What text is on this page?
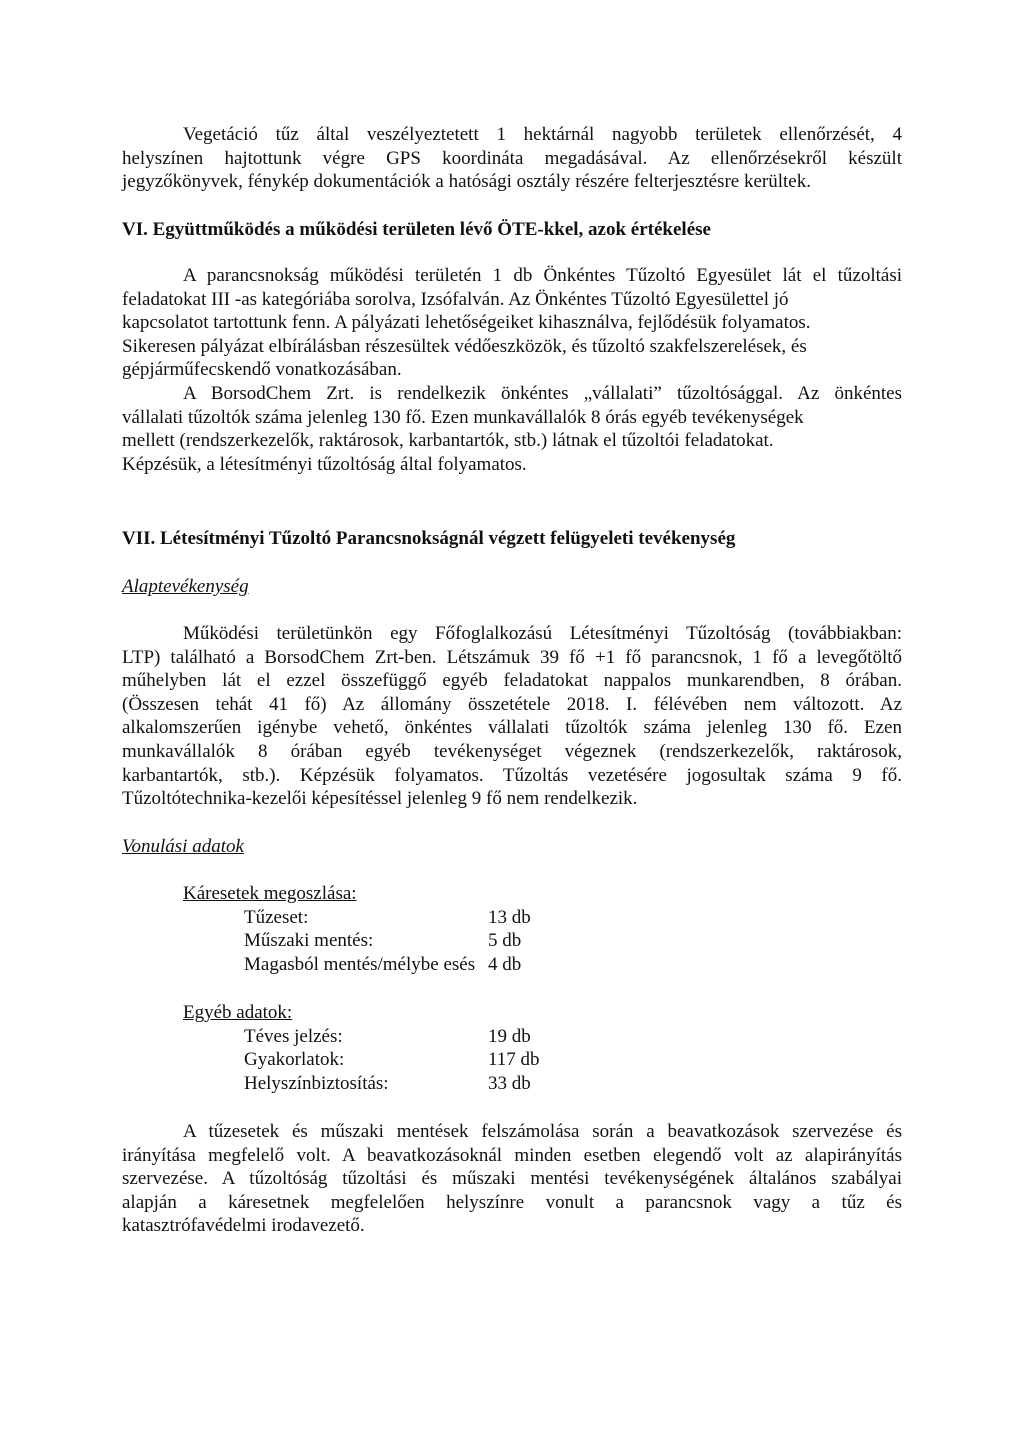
Vegetáció tűz által veszélyeztetett 1 hektárnál nagyobb területek ellenőrzését, 4
helyszínen hajtottunk végre GPS koordináta megadásával. Az ellenőrzésekről készült
jegyzőkönyvek, fénykép dokumentációk a hatósági osztály részére felterjesztésre kerültek.

VI. Együttműködés a működési területen lévő ÖTE-kkel, azok értékelése

A parancsnokság működési területén 1 db Önkéntes Tűzoltó Egyesület lát el tűzoltási
feladatokat III -as kategóriába sorolva, Izsófalván. Az Önkéntes Tűzoltó Egyesülettel jó
kapcsolatot tartottunk fenn. A pályázati lehetőségeiket kihasználva, fejlődésük folyamatos.
Sikeresen pályázat elbírálásban részesültek védőeszközök, és tűzoltó szakfelszerelések, és
gépjárműfecskendő vonatkozásában.

A BorsodChem Zrt. is rendelkezik önkéntes „vállalati” tűzoltósággal. Az önkéntes
vállalati tűzoltók száma jelenleg 130 fő. Ezen munkavállalók 8 órás egyéb tevékenységek
mellett (rendszerkezelők, raktárosok, karbantartók, stb.) látnak el tűzoltói feladatokat.
Képzésük, a létesítményi tűzoltóság által folyamatos.

VII. Létesítményi Tűzoltó Parancsnokságnál végzett felügyeleti tevékenység

Alaptevékenység

Működési területünkön egy Főfoglalkozású Létesítményi Tűzoltóság (továbbiakban:
LTP) található a BorsodChem Zrt-ben. Létszámuk 39 fő +1 fő parancsnok, 1 fő a levegőtöltő
műhelyben lát el ezzel összefüggő egyéb feladatokat nappalos munkarendben, 8 órában.
(Összesen tehát 41 fő) Az állomány összetétele 2018. I. félévében nem változott. Az
alkalomszerűen igénybe vehető, önkéntes vállalati tűzoltók száma jelenleg 130 fő. Ezen
munkavállalók 8 órában egyéb tevékenységet végeznek (rendszerkezelők, raktárosok,
karbantartók, stb.). Képzésük folyamatos. Tűzoltás vezetésére jogosultak száma 9 fő.
Tűzoltótechnika-kezelői képesítéssel jelenleg 9 fő nem rendelkezik.

Vonulási adatok

Káresetek megoszlása:
Tűzeset:	13 db
Műszaki mentés:	5 db
Magasból mentés/mélybe esés 4 db
Egyéb adatok:
Téves jelzés:	19 db
Gyakorlatok:	117 db
Helyszínbiztosítás:	33 db

A tűzesetek és műszaki mentések felszámolása során a beavatkozások szervezése és
irányítása megfelelő volt. A beavatkozásoknál minden esetben elegendő volt az alapirányítás
szervezése. A tűzoltóság tűzoltási és műszaki mentési tevékenységének általános szabályai
alapján a káresetnek megfelelően helyszínre vonult a parancsnok vagy a tűz és
katasztrófavédelmi irodavezető.
